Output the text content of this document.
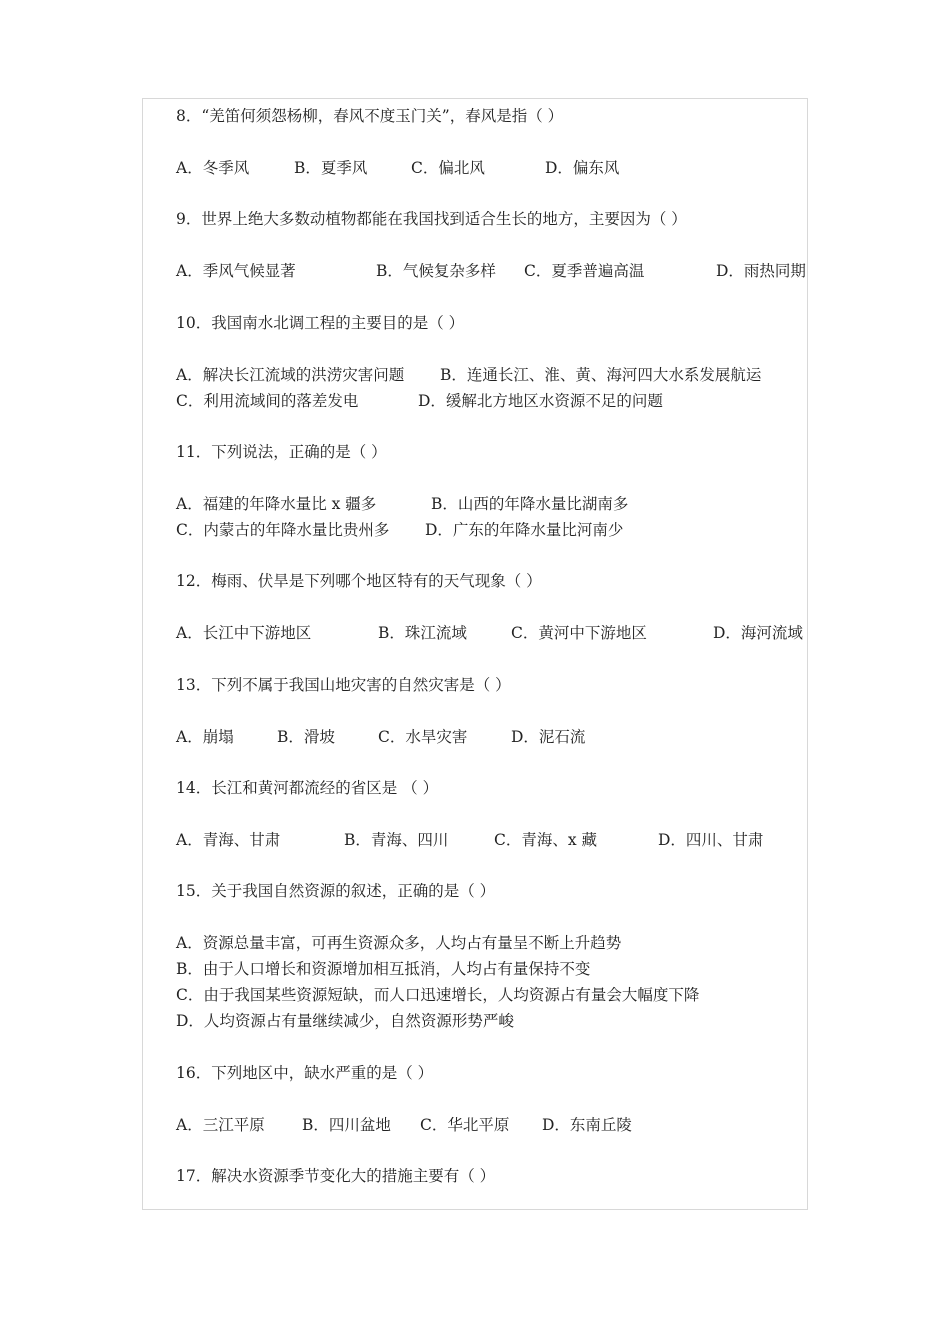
8．“羌笛何须怨杨柳，春风不度玉门关”，春风是指（ ）
A．冬季风	B．夏季风	C．偏北风	D．偏东风
9．世界上绝大多数动植物都能在我国找到适合生长的地方，主要因为（ ）
A．季风气候显著	B．气候复杂多样 C．夏季普遍高温	D．雨热同期
10．我国南水北调工程的主要目的是（ ）
A．解决长江流域的洪涝灾害问题 B．连通长江、淮、黄、海河四大水系发展航运
C．利用流域间的落差发电	D．缓解北方地区水资源不足的问题
11．下列说法，正确的是（ ）
A．福建的年降水量比 x 疆多	B．山西的年降水量比湖南多
C．内蒙古的年降水量比贵州多 D．广东的年降水量比河南少
12．梅雨、伏旱是下列哪个地区特有的天气现象（ ）
A．长江中下游地区	B．珠江流域	C．黄河中下游地区	D．海河流域
13．下列不属于我国山地灾害的自然灾害是（ ）
A．崩塌	B．滑坡	C．水旱灾害	D．泥石流
14．长江和黄河都流经的省区是 （ ）
A．青海、甘肃	B．青海、四川	C．青海、x 藏	D．四川、甘肃
15．关于我国自然资源的叙述，正确的是（ ）
A．资源总量丰富，可再生资源众多，人均占有量呈不断上升趋势
B．由于人口增长和资源增加相互抵消，人均占有量保持不变
C．由于我国某些资源短缺，而人口迅速增长，人均资源占有量会大幅度下降
D．人均资源占有量继续减少，自然资源形势严峻
16．下列地区中，缺水严重的是（ ）
A．三江平原 B．四川盆地 C．华北平原 D．东南丘陵
17．解决水资源季节变化大的措施主要有（ ）
